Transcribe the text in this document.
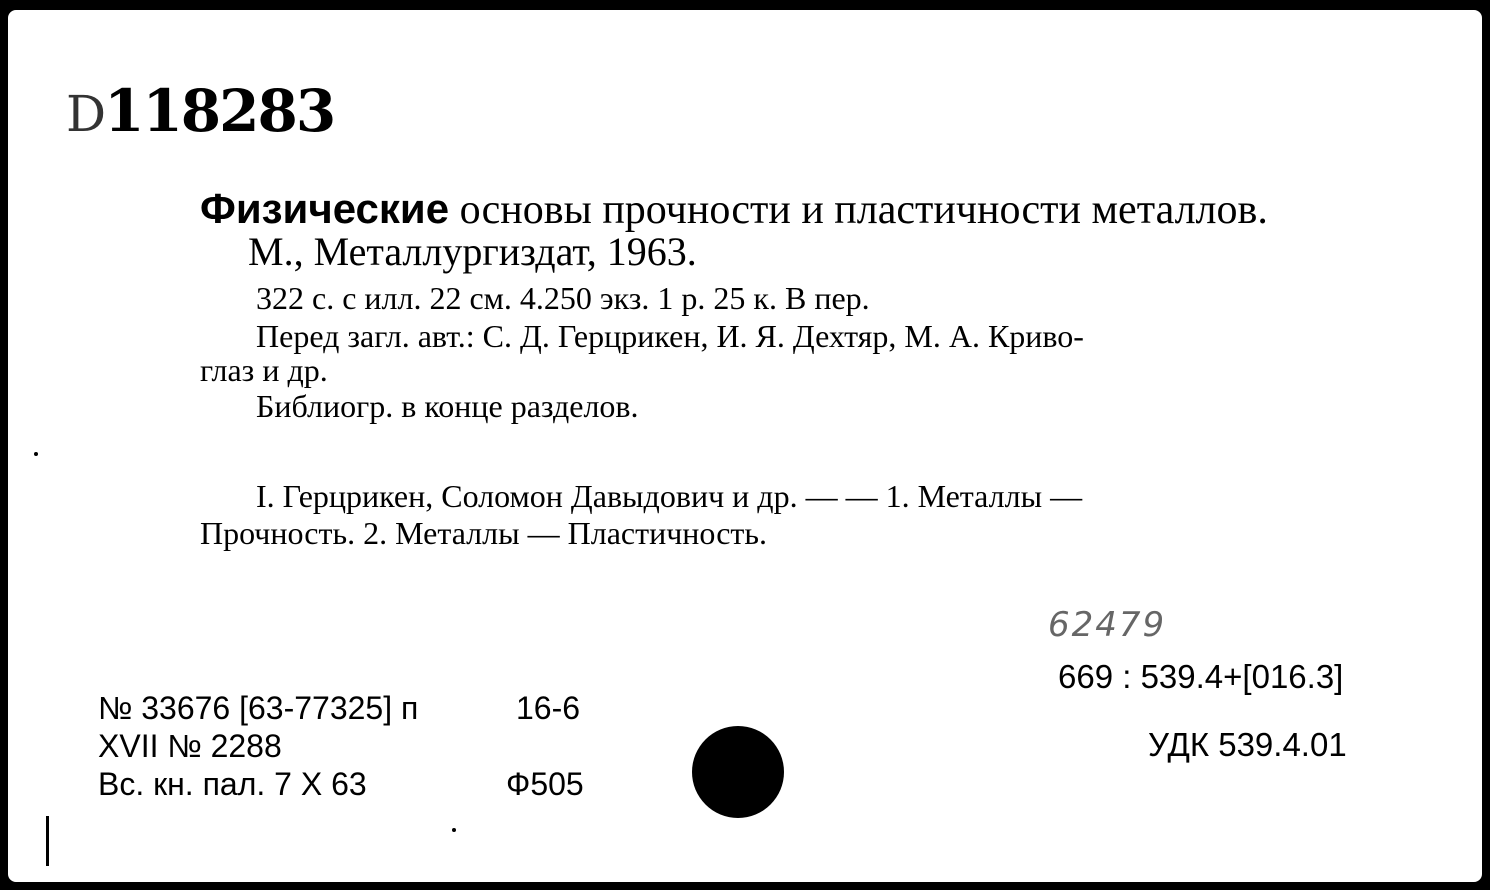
D118283
Физические основы прочности и пластичности металлов.
М., Металлургиздат, 1963.
322 с. с илл. 22 см. 4.250 экз. 1 р. 25 к. В пер.
Перед загл. авт.: С. Д. Герцрикен, И. Я. Дехтяр, М. А. Криво-
глаз и др.
Библиогр. в конце разделов.
I. Герцрикен, Соломон Давыдович и др. — — 1. Металлы —
Прочность. 2. Металлы — Пластичность.
62479
669 : 539.4+[016.3]
УДК 539.4.01
№ 33676 [63-77325] п	16-6
XVII № 2288
Вс. кн. пал. 7 X 63	Ф505
